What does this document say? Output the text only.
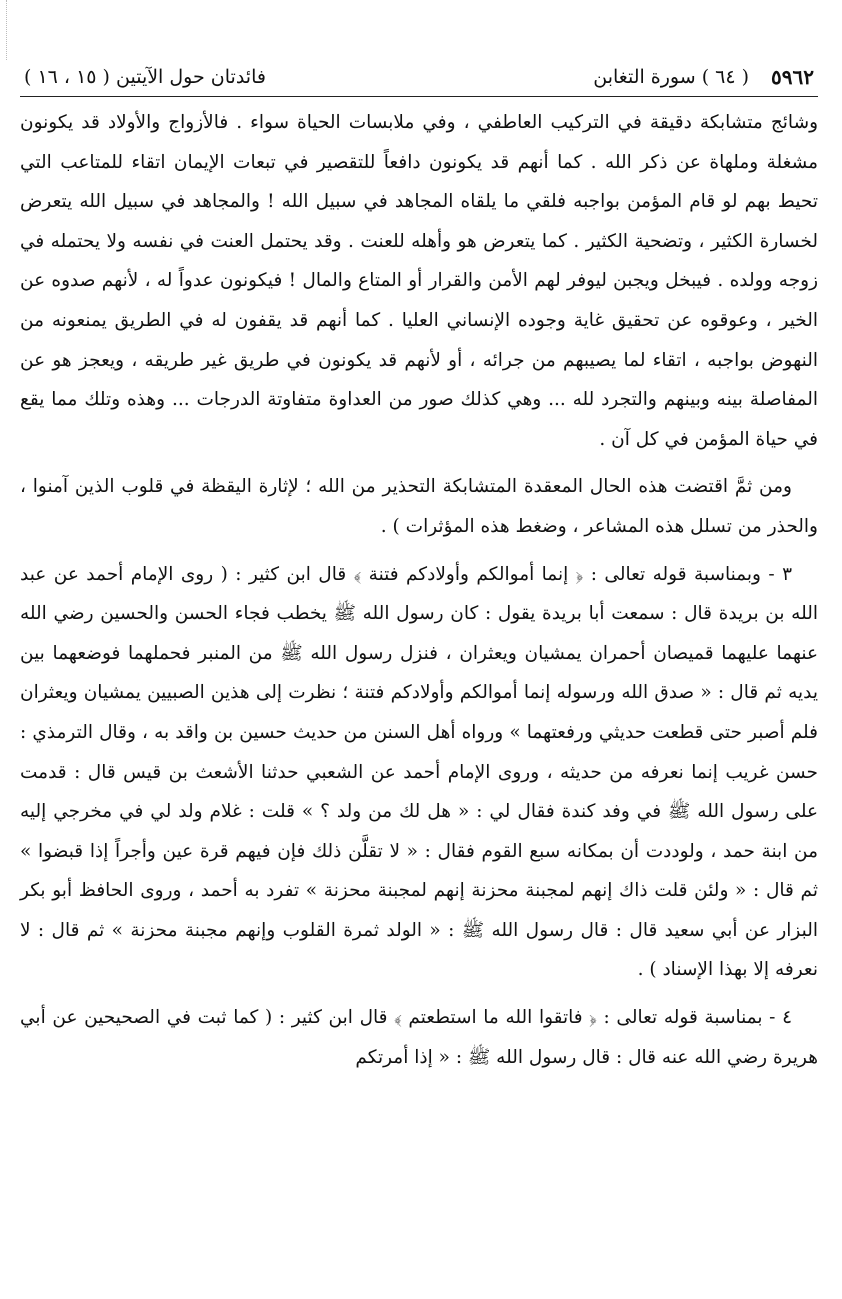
٥٩٦٢
( ٦٤ ) سورة التغابن
فائدتان حول الآيتين ( ١٥ ، ١٦ )

وشائج متشابكة دقيقة في التركيب العاطفي ، وفي ملابسات الحياة سواء . فالأزواج والأولاد قد يكونون مشغلة وملهاة عن ذكر الله . كما أنهم قد يكونون دافعاً للتقصير في تبعات الإيمان اتقاء للمتاعب التي تحيط بهم لو قام المؤمن بواجبه فلقي ما يلقاه المجاهد في سبيل الله ! والمجاهد في سبيل الله يتعرض لخسارة الكثير ، وتضحية الكثير . كما يتعرض هو وأهله للعنت . وقد يحتمل العنت في نفسه ولا يحتمله في زوجه وولده . فيبخل ويجبن ليوفر لهم الأمن والقرار أو المتاع والمال ! فيكونون عدواً له ، لأنهم صدوه عن الخير ، وعوقوه عن تحقيق غاية وجوده الإنساني العليا . كما أنهم قد يقفون له في الطريق يمنعونه من النهوض بواجبه ، اتقاء لما يصيبهم من جرائه ، أو لأنهم قد يكونون في طريق غير طريقه ، ويعجز هو عن المفاصلة بينه وبينهم والتجرد لله ... وهي كذلك صور من العداوة متفاوتة الدرجات ... وهذه وتلك مما يقع في حياة المؤمن في كل آن .

ومن ثمَّ اقتضت هذه الحال المعقدة المتشابكة التحذير من الله ؛ لإثارة اليقظة في قلوب الذين آمنوا ، والحذر من تسلل هذه المشاعر ، وضغط هذه المؤثرات ) .

٣ - وبمناسبة قوله تعالى : ﴿ إنما أموالكم وأولادكم فتنة ﴾ قال ابن كثير : ( روى الإمام أحمد عن عبد الله بن بريدة قال : سمعت أبا بريدة يقول : كان رسول الله ﷺ يخطب فجاء الحسن والحسين رضي الله عنهما عليهما قميصان أحمران يمشيان ويعثران ، فنزل رسول الله ﷺ من المنبر فحملهما فوضعهما بين يديه ثم قال : « صدق الله ورسوله إنما أموالكم وأولادكم فتنة ؛ نظرت إلى هذين الصبيين يمشيان ويعثران فلم أصبر حتى قطعت حديثي ورفعتهما » ورواه أهل السنن من حديث حسين بن واقد به ، وقال الترمذي : حسن غريب إنما نعرفه من حديثه ، وروى الإمام أحمد عن الشعبي حدثنا الأشعث بن قيس قال : قدمت على رسول الله ﷺ في وفد كندة فقال لي : « هل لك من ولد ؟ » قلت : غلام ولد لي في مخرجي إليه من ابنة حمد ، ولوددت أن بمكانه سبع القوم فقال : « لا تقلَّن ذلك فإن فيهم قرة عين وأجراً إذا قبضوا » ثم قال : « ولئن قلت ذاك إنهم لمجبنة محزنة إنهم لمجبنة محزنة » تفرد به أحمد ، وروى الحافظ أبو بكر البزار عن أبي سعيد قال : قال رسول الله ﷺ : « الولد ثمرة القلوب وإنهم مجبنة محزنة » ثم قال : لا نعرفه إلا بهذا الإسناد ) .

٤ - بمناسبة قوله تعالى : ﴿ فاتقوا الله ما استطعتم ﴾ قال ابن كثير : ( كما ثبت في الصحيحين عن أبي هريرة رضي الله عنه قال : قال رسول الله ﷺ : « إذا أمرتكم
